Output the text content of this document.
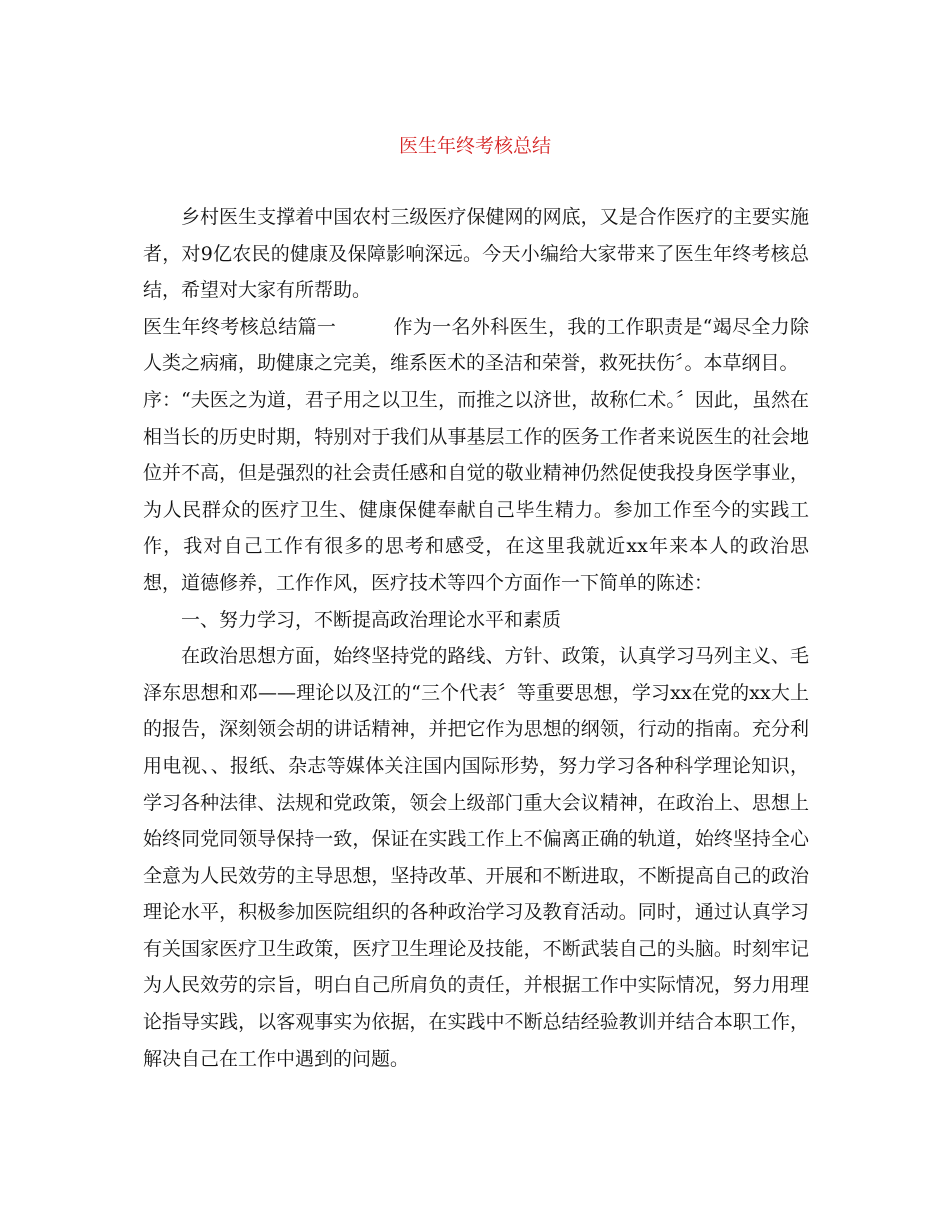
医生年终考核总结

乡村医生支撑着中国农村三级医疗保健网的网底，又是合作医疗的主要实施者，对9亿农民的健康及保障影响深远。今天小编给大家带来了医生年终考核总结，希望对大家有所帮助。

医生年终考核总结篇一	作为一名外科医生，我的工作职责是“竭尽全力除人类之病痛，助健康之完美，维系医术的圣洁和荣誉，救死扶伤〞。本草纲目。

序：“夫医之为道，君子用之以卫生，而推之以济世，故称仁术。〞因此，虽然在相当长的历史时期，特别对于我们从事基层工作的医务工作者来说医生的社会地位并不高，但是强烈的社会责任感和自觉的敬业精神仍然促使我投身医学事业，为人民群众的医疗卫生、健康保健奉献自己毕生精力。参加工作至今的实践工作，我对自己工作有很多的思考和感受，在这里我就近xx年来本人的政治思想，道德修养，工作作风，医疗技术等四个方面作一下简单的陈述：

一、努力学习，不断提高政治理论水平和素质

在政治思想方面，始终坚持党的路线、方针、政策，认真学习马列主义、毛泽东思想和邓——理论以及江的“三个代表〞等重要思想，学习xx在党的xx大上的报告，深刻领会胡的讲话精神，并把它作为思想的纲领，行动的指南。充分利用电视、、报纸、杂志等媒体关注国内国际形势，努力学习各种科学理论知识，学习各种法律、法规和党政策，领会上级部门重大会议精神，在政治上、思想上始终同党同领导保持一致，保证在实践工作上不偏离正确的轨道，始终坚持全心全意为人民效劳的主导思想，坚持改革、开展和不断进取，不断提高自己的政治理论水平，积极参加医院组织的各种政治学习及教育活动。同时，通过认真学习有关国家医疗卫生政策，医疗卫生理论及技能，不断武装自己的头脑。时刻牢记为人民效劳的宗旨，明白自己所肩负的责任，并根据工作中实际情况，努力用理论指导实践，以客观事实为依据，在实践中不断总结经验教训并结合本职工作，解决自己在工作中遇到的问题。
